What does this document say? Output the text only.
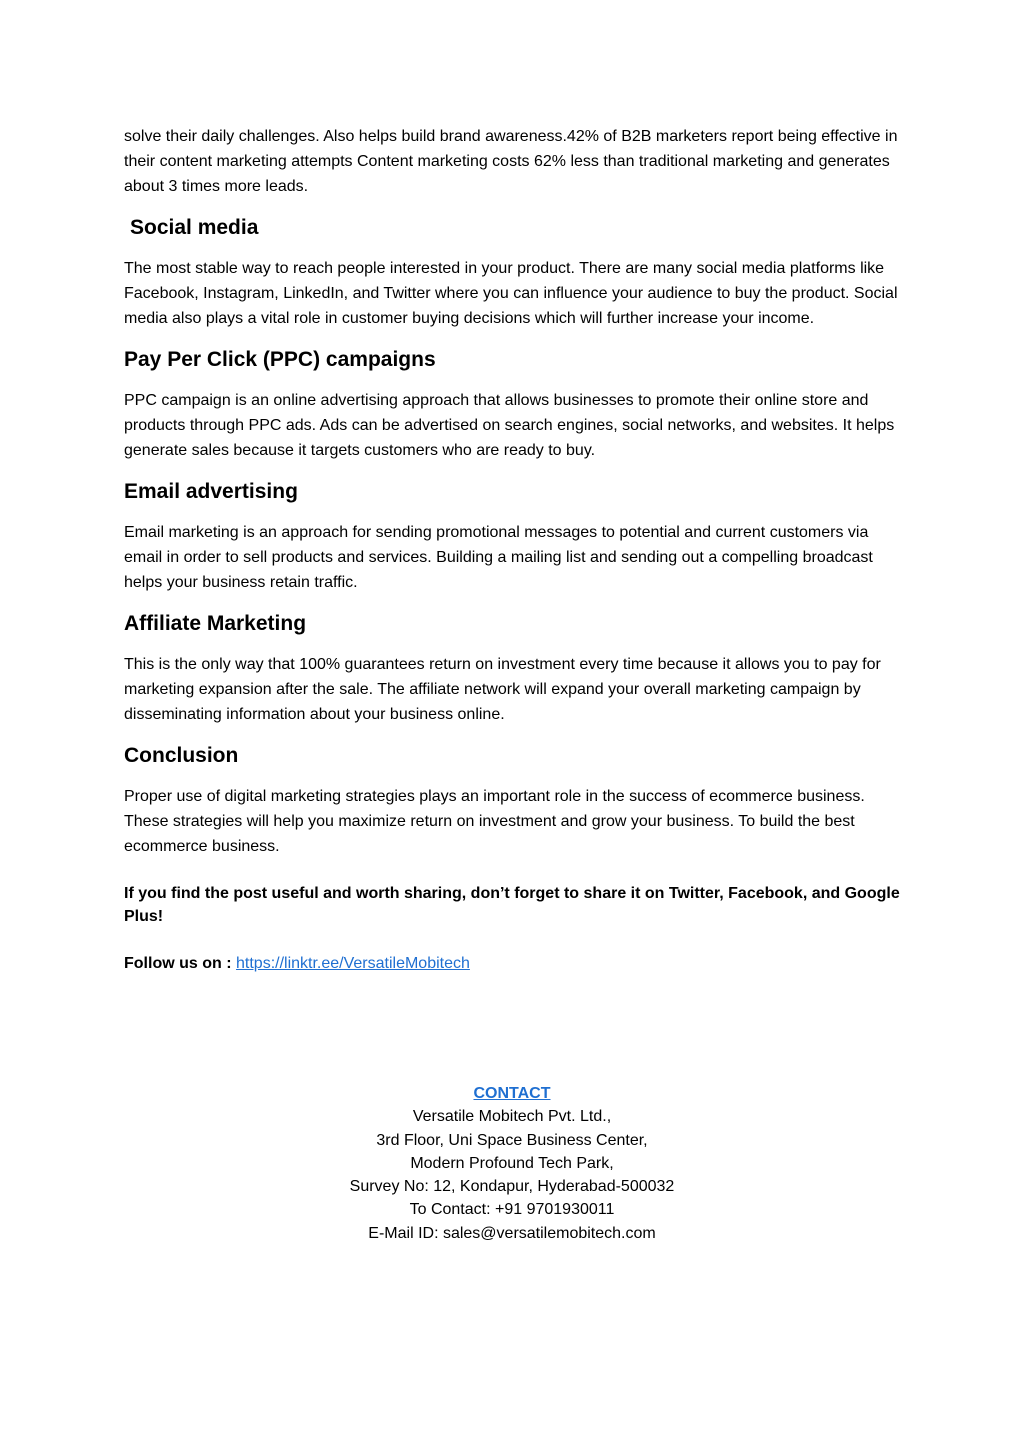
solve their daily challenges. Also helps build brand awareness.42% of B2B marketers report being effective in their content marketing attempts Content marketing costs 62% less than traditional marketing and generates about 3 times more leads.

Social media

The most stable way to reach people interested in your product. There are many social media platforms like Facebook, Instagram, LinkedIn, and Twitter where you can influence your audience to buy the product. Social media also plays a vital role in customer buying decisions which will further increase your income.

Pay Per Click (PPC) campaigns

PPC campaign is an online advertising approach that allows businesses to promote their online store and products through PPC ads. Ads can be advertised on search engines, social networks, and websites. It helps generate sales because it targets customers who are ready to buy.

Email advertising

Email marketing is an approach for sending promotional messages to potential and current customers via email in order to sell products and services. Building a mailing list and sending out a compelling broadcast helps your business retain traffic.

Affiliate Marketing

This is the only way that 100% guarantees return on investment every time because it allows you to pay for marketing expansion after the sale. The affiliate network will expand your overall marketing campaign by disseminating information about your business online.

Conclusion

Proper use of digital marketing strategies plays an important role in the success of ecommerce business. These strategies will help you maximize return on investment and grow your business. To build the best ecommerce business.

If you find the post useful and worth sharing, don’t forget to share it on Twitter, Facebook, and Google Plus!

Follow us on : https://linktr.ee/VersatileMobitech

CONTACT
Versatile Mobitech Pvt. Ltd.,
3rd Floor, Uni Space Business Center,
Modern Profound Tech Park,
Survey No: 12, Kondapur, Hyderabad-500032
To Contact: +91 9701930011
E-Mail ID: sales@versatilemobitech.com
